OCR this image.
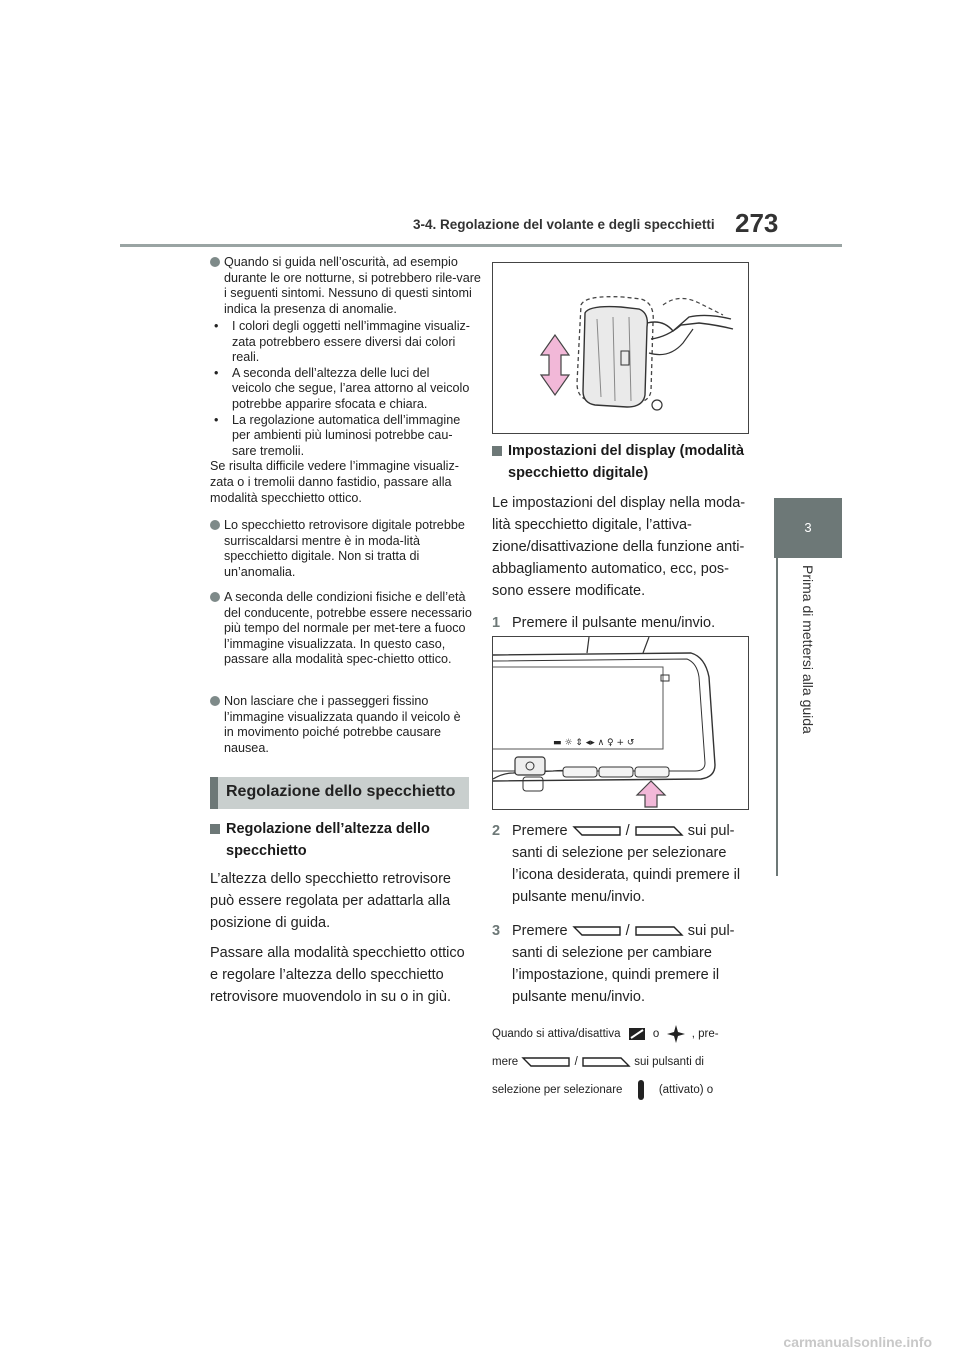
3-4. Regolazione del volante e degli specchietti 273
3
Prima di mettersi alla guida
Quando si guida nell’oscurità, ad esempio durante le ore notturne, si potrebbero rile-vare i seguenti sintomi. Nessuno di questi sintomi indica la presenza di anomalie.
• I colori degli oggetti nell’immagine visualiz-zata potrebbero essere diversi dai colori reali.
• A seconda dell’altezza delle luci del veicolo che segue, l’area attorno al veicolo potrebbe apparire sfocata e chiara.
• La regolazione automatica dell’immagine per ambienti più luminosi potrebbe cau-sare tremolii.
Se risulta difficile vedere l’immagine visualiz-zata o i tremolii danno fastidio, passare alla modalità specchietto ottico.
Lo specchietto retrovisore digitale potrebbe surriscaldarsi mentre è in moda-lità specchietto digitale. Non si tratta di un’anomalia.
A seconda delle condizioni fisiche e dell’età del conducente, potrebbe essere necessario più tempo del normale per met-tere a fuoco l’immagine visualizzata. In questo caso, passare alla modalità spec-chietto ottico.
Non lasciare che i passeggeri fissino l’immagine visualizzata quando il veicolo è in movimento poiché potrebbe causare nausea.
Regolazione dello specchietto
Regolazione dell’altezza dello specchietto
L’altezza dello specchietto retrovisore può essere regolata per adattarla alla posizione di guida.
Passare alla modalità specchietto ottico e regolare l’altezza dello specchietto retrovisore muovendolo in su o in giù.
Impostazioni del display (modalità specchietto digitale)
Le impostazioni del display nella moda-lità specchietto digitale, l’attiva-zione/disattivazione della funzione anti-abbagliamento automatico, ecc, pos-sono essere modificate.
1 Premere il pulsante menu/invio.
▬ ☼ ⇕ ◂▸ ∧ ♀ + ↺
2 Premere	/	sui pul-santi di selezione per selezionare l’icona desiderata, quindi premere il pulsante menu/invio.
3 Premere	/	sui pul-santi di selezione per cambiare l’impostazione, quindi premere il pulsante menu/invio.
Quando si attiva/disattiva	o	, pre-
mere	/	sui pulsanti di
selezione per selezionare	(attivato) o
carmanualsonline.info
